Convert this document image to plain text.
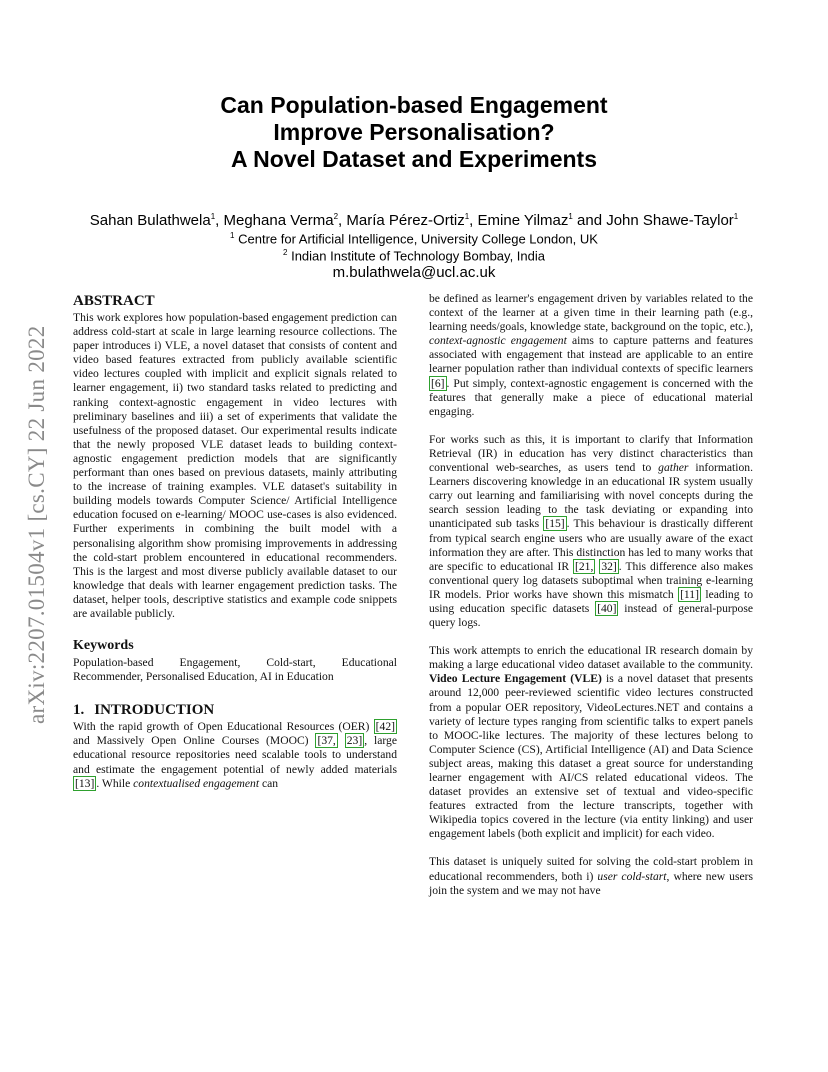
arXiv:2207.01504v1 [cs.CY] 22 Jun 2022
Can Population-based Engagement
Improve Personalisation?
A Novel Dataset and Experiments
Sahan Bulathwela$^1$, Meghana Verma$^2$, María Pérez-Ortiz$^1$, Emine Yilmaz$^1$ and John Shawe-Taylor$^1$
$^1$ Centre for Artificial Intelligence, University College London, UK
$^2$ Indian Institute of Technology Bombay, India
m.bulathwela@ucl.ac.uk
ABSTRACT

This work explores how population-based engagement prediction can address cold-start at scale in large learning resource collections. The paper introduces i) VLE, a novel dataset that consists of content and video based features extracted from publicly available scientific video lectures coupled with implicit and explicit signals related to learner engagement, ii) two standard tasks related to predicting and ranking context-agnostic engagement in video lectures with preliminary baselines and iii) a set of experiments that validate the usefulness of the proposed dataset. Our experimental results indicate that the newly proposed VLE dataset leads to building context-agnostic engagement prediction models that are significantly performant than ones based on previous datasets, mainly attributing to the increase of training examples. VLE dataset's suitability in building models towards Computer Science/ Artificial Intelligence education focused on e-learning/ MOOC use-cases is also evidenced. Further experiments in combining the built model with a personalising algorithm show promising improvements in addressing the cold-start problem encountered in educational recommenders. This is the largest and most diverse publicly available dataset to our knowledge that deals with learner engagement prediction tasks. The dataset, helper tools, descriptive statistics and example code snippets are available publicly.

Keywords

Population-based Engagement, Cold-start, Educational Recommender, Personalised Education, AI in Education

1. INTRODUCTION

With the rapid growth of Open Educational Resources (OER) [42] and Massively Open Online Courses (MOOC) [37, 23] , large educational resource repositories need scalable tools to understand and estimate the engagement potential of newly added materials [13] . While contextualised engagement can

be defined as learner's engagement driven by variables related to the context of the learner at a given time in their learning path (e.g., learning needs/goals, knowledge state, background on the topic, etc.), context-agnostic engagement aims to capture patterns and features associated with engagement that instead are applicable to an entire learner population rather than individual contexts of specific learners [6] . Put simply, context-agnostic engagement is concerned with the features that generally make a piece of educational material engaging.

For works such as this, it is important to clarify that Information Retrieval (IR) in education has very distinct characteristics than conventional web-searches, as users tend to gather information. Learners discovering knowledge in an educational IR system usually carry out learning and familiarising with novel concepts during the search session leading to the task deviating or expanding into unanticipated sub tasks [15] . This behaviour is drastically different from typical search engine users who are usually aware of the exact information they are after. This distinction has led to many works that are specific to educational IR [21, 32] . This difference also makes conventional query log datasets suboptimal when training e-learning IR models. Prior works have shown this mismatch [11] leading to using education specific datasets [40] instead of general-purpose query logs.

This work attempts to enrich the educational IR research domain by making a large educational video dataset available to the community. Video Lecture Engagement (VLE) is a novel dataset that presents around 12,000 peer-reviewed scientific video lectures constructed from a popular OER repository, VideoLectures.NET and contains a variety of lecture types ranging from scientific talks to expert panels to MOOC-like lectures. The majority of these lectures belong to Computer Science (CS), Artificial Intelligence (AI) and Data Science subject areas, making this dataset a great source for understanding learner engagement with AI/CS related educational videos. The dataset provides an extensive set of textual and video-specific features extracted from the lecture transcripts, together with Wikipedia topics covered in the lecture (via entity linking) and user engagement labels (both explicit and implicit) for each video.

This dataset is uniquely suited for solving the cold-start problem in educational recommenders, both i) user cold-start, where new users join the system and we may not have
